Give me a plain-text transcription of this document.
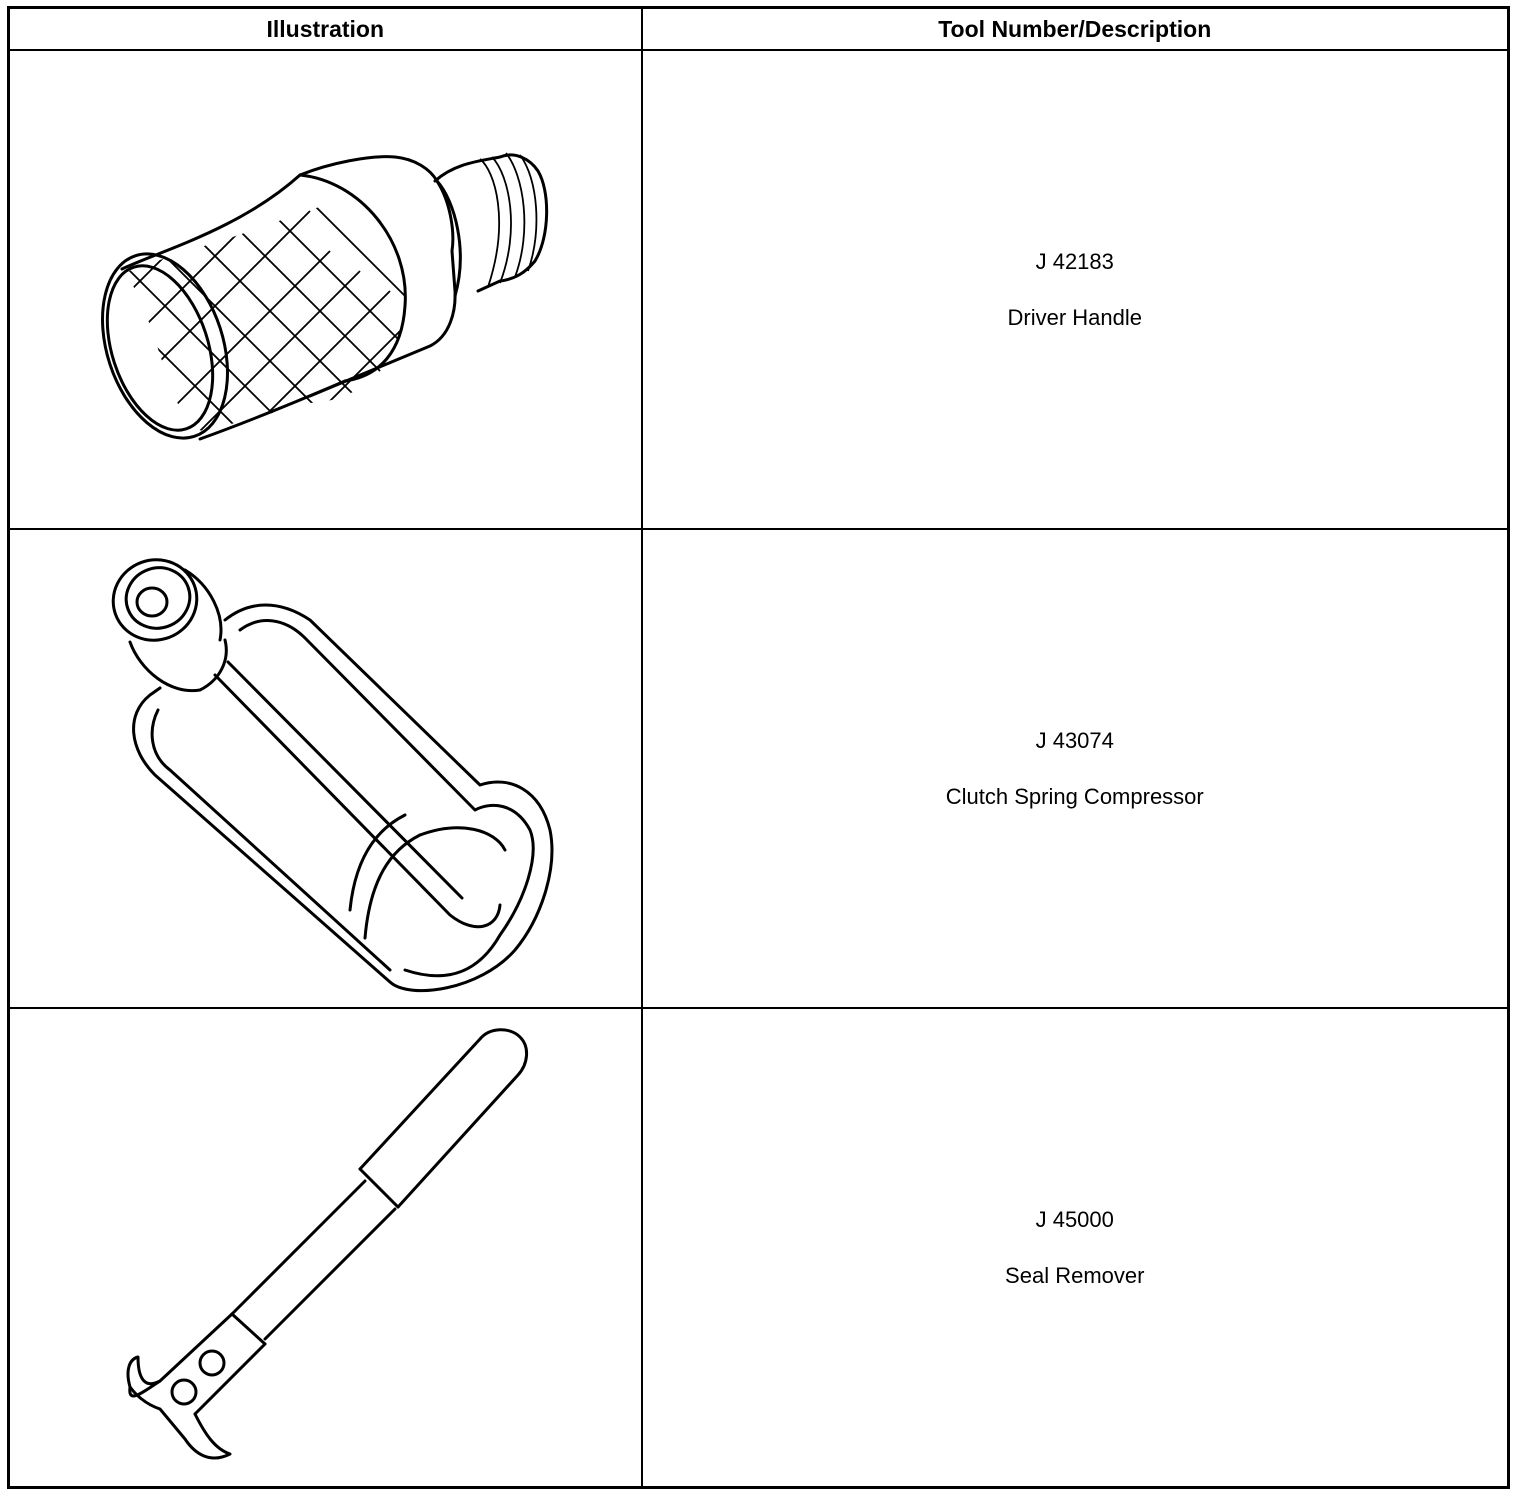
Illustration	Tool Number/Description

J 42183
Driver Handle

J 43074
Clutch Spring Compressor

J 45000
Seal Remover
